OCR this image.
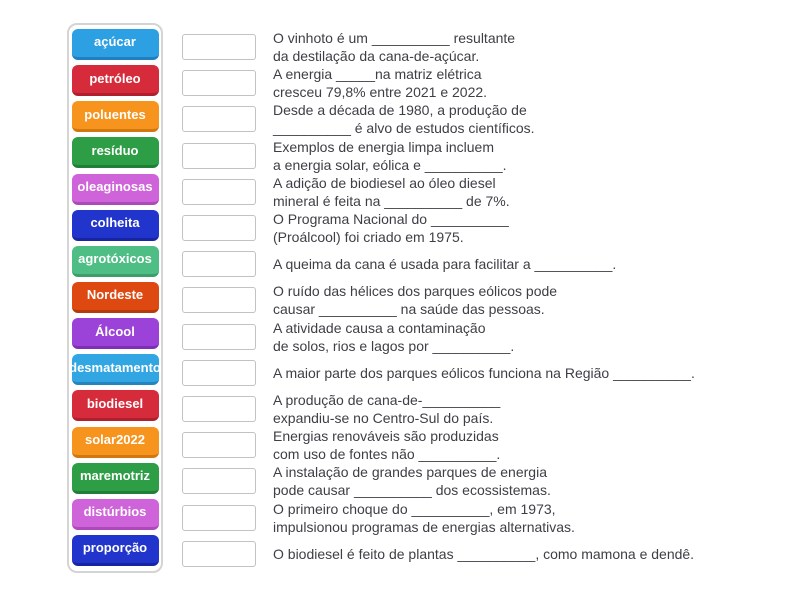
açúcar
petróleo
poluentes
resíduo
oleaginosas
colheita
agrotóxicos
Nordeste
Álcool
desmatamento
biodiesel
solar2022
maremotriz
distúrbios
proporção
O vinhoto é um __________ resultante
da destilação da cana-de-açúcar.
A energia _____na matriz elétrica
cresceu 79,8% entre 2021 e 2022.
Desde a década de 1980, a produção de
__________ é alvo de estudos científicos.
Exemplos de energia limpa incluem
a energia solar, eólica e __________.
A adição de biodiesel ao óleo diesel
mineral é feita na __________ de 7%.
O Programa Nacional do __________
(Proálcool) foi criado em 1975.
A queima da cana é usada para facilitar a __________.
O ruído das hélices dos parques eólicos pode
causar __________ na saúde das pessoas.
A atividade causa a contaminação
de solos, rios e lagos por __________.
A maior parte dos parques eólicos funciona na Região __________.
A produção de cana-de-__________
expandiu-se no Centro-Sul do país.
Energias renováveis são produzidas
com uso de fontes não __________.
A instalação de grandes parques de energia
pode causar __________ dos ecossistemas.
O primeiro choque do __________, em 1973,
impulsionou programas de energias alternativas.
O biodiesel é feito de plantas __________, como mamona e dendê.
